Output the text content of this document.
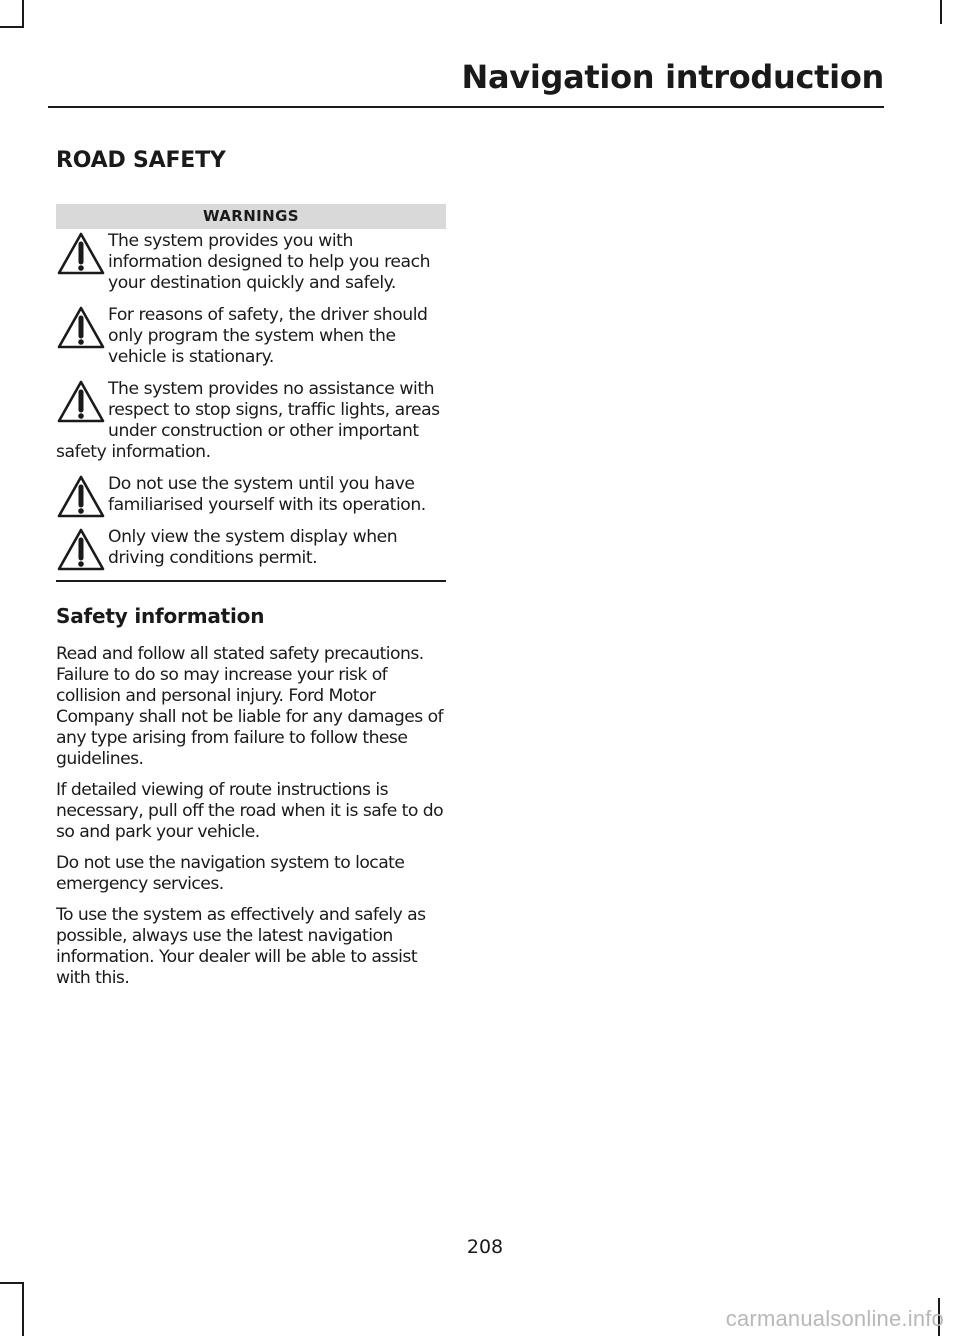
Navigation introduction
ROAD SAFETY
WARNINGS
The system provides you with information designed to help you reach your destination quickly and safely.
For reasons of safety, the driver should only program the system when the vehicle is stationary.
The system provides no assistance with respect to stop signs, traffic lights, areas under construction or other important safety information.
Do not use the system until you have familiarised yourself with its operation.
Only view the system display when driving conditions permit.
Safety information

Read and follow all stated safety precautions. Failure to do so may increase your risk of collision and personal injury. Ford Motor Company shall not be liable for any damages of any type arising from failure to follow these guidelines.

If detailed viewing of route instructions is necessary, pull off the road when it is safe to do so and park your vehicle.

Do not use the navigation system to locate emergency services.

To use the system as effectively and safely as possible, always use the latest navigation information. Your dealer will be able to assist with this.

208
carmanualsonline.info
